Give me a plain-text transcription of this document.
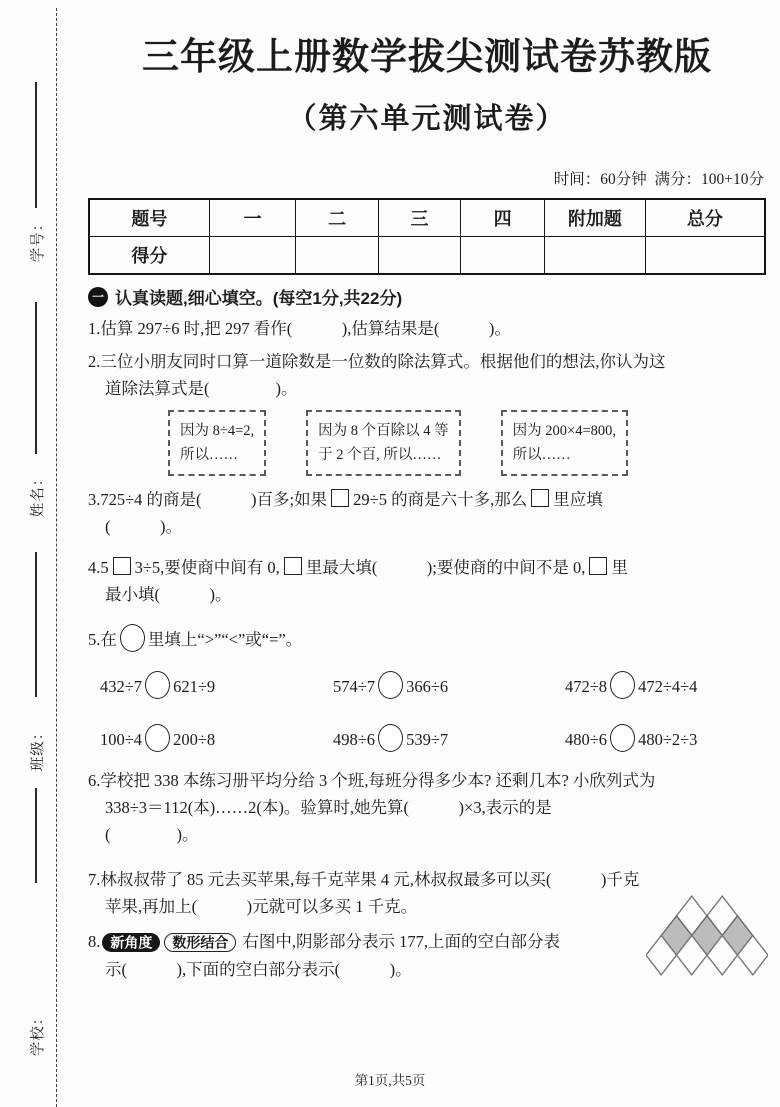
学号：
姓名：
班级：
学校：
三年级上册数学拔尖测试卷苏教版
（第六单元测试卷）
时间：60分钟  满分：100+10分
题号	一	二	三	四	附加题	总分
得分						
一 认真读题,细心填空。(每空1分,共22分)
1.估算 297÷6 时,把 297 看作(　　　),估算结果是(　　　)。
2.三位小朋友同时口算一道除数是一位数的除法算式。根据他们的想法,你认为这
道除法算式是(　　　　)。
因为 8÷4=2,
所以……
因为 8 个百除以 4 等
于 2 个百, 所以……
因为 200×4=800,
所以……
3.725÷4 的商是(　　　)百多;如果 29÷5 的商是六十多,那么 里应填
(　　　)。
4.5 3÷5,要使商中间有 0, 里最大填(　　　);要使商的中间不是 0, 里
最小填(　　　)。
5.在 里填上“>”“<”或“=”。
432÷7 621÷9	574÷7 366÷6	472÷8 472÷4÷4
100÷4 200÷8	498÷6 539÷7	480÷6 480÷2÷3
6.学校把 338 本练习册平均分给 3 个班,每班分得多少本? 还剩几本? 小欣列式为
338÷3＝112(本)……2(本)。验算时,她先算(　　　)×3,表示的是
(　　　　)。
7.林叔叔带了 85 元去买苹果,每千克苹果 4 元,林叔叔最多可以买(　　　)千克
苹果,再加上(　　　)元就可以多买 1 千克。
8. 新角度 数形结合 右图中,阴影部分表示 177,上面的空白部分表
示(　　　),下面的空白部分表示(　　　)。
第1页,共5页
